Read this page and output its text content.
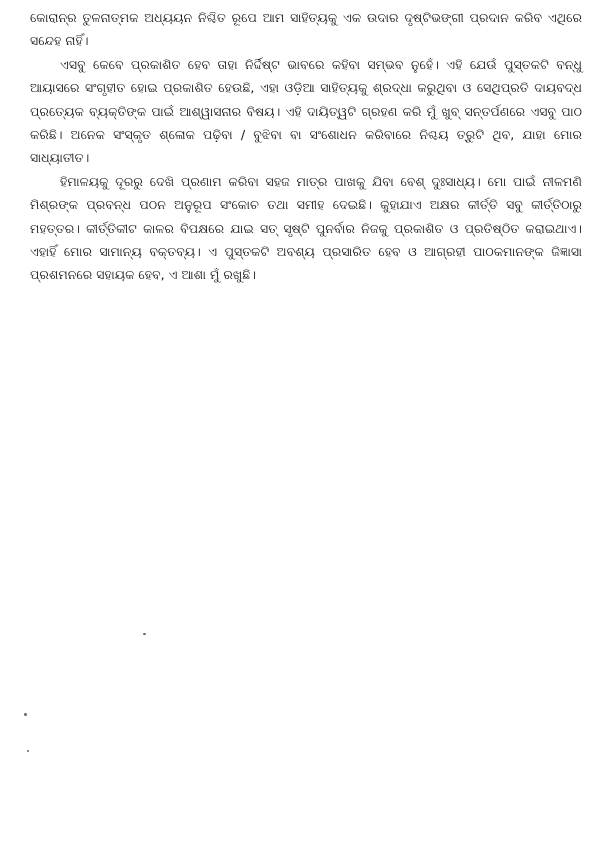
କୋରାନ୍‌ର ତୁଳନାତ୍ମକ ଅଧ୍ୟୟନ ନିଶ୍ଚିତ ରୂପେ ଆମ ସାହିତ୍ୟକୁ ଏକ ଉଦାର ଦୃଷ୍ଟିଭଙ୍ଗୀ ପ୍ରଦାନ କରିବ ଏଥିରେ ସନ୍ଦେହ ନାହିଁ।

ଏସବୁ କେବେ ପ୍ରକାଶିତ ହେବ ତାହା ନିର୍ଦ୍ଦିଷ୍ଟ ଭାବରେ କହିବା ସମ୍ଭବ ନୁହେଁ। ଏହି ଯେଉଁ ପୁସ୍ତକଟି ବନ୍ଧୁ ଆୟାସରେ ସଂଗୃହୀତ ହୋଇ ପ୍ରକାଶିତ ହେଉଛି, ଏହା ଓଡ଼ିଆ ସାହିତ୍ୟକୁ ଶ୍ରଦ୍ଧା କରୁଥିବା ଓ ସେଥିପ୍ରତି ଦାୟବଦ୍ଧ ପ୍ରତ୍ୟେକ ବ୍ୟକ୍ତିଙ୍କ ପାଇଁ ଆଶ୍ୱାସନାର ବିଷୟ। ଏହି ଦାୟିତ୍ୱଟି ଗ୍ରହଣ କରି ମୁଁ ଖୁବ୍ ସନ୍ତର୍ପଣରେ ଏସବୁ ପାଠ କରିଛି। ଅନେକ ସଂସ୍କୃତ ଶ୍ଳୋକ ପଢ଼ିବା / ବୁଝିବା ବା ସଂଶୋଧନ କରିବାରେ ନିଶ୍ଚୟ ତ୍ରୁଟି ଥିବ, ଯାହା ମୋର ସାଧ୍ୟାତୀତ।

ହିମାଳୟକୁ ଦୂରରୁ ଦେଖି ପ୍ରଣାମ କରିବା ସହଜ ମାତ୍ର ପାଖକୁ ଯିବା ବେଶ୍ ଦୁଃସାଧ୍ୟ। ମୋ ପାଇଁ ନୀଳମଣି ମିଶ୍ରଙ୍କ ପ୍ରବନ୍ଧ ପଠନ ଅନୁରୂପ ସଂକୋଚ ତଥା ସମୀହ ଦେଇଛି। କୁହାଯାଏ ଅକ୍ଷର କୀର୍ତ୍ତି ସବୁ କୀର୍ତ୍ତିଠାରୁ ମହତ୍ତର। କୀର୍ତ୍ତିକୀଟ କାଳର ବିପକ୍ଷରେ ଯାଇ ସତ୍ ସୃଷ୍ଟି ପୁନର୍ବାର ନିଜକୁ ପ୍ରକାଶିତ ଓ ପ୍ରତିଷ୍ଠିତ କରାଇଥାଏ। ଏହାହିଁ ମୋର ସାମାନ୍ୟ ବକ୍ତବ୍ୟ। ଏ ପୁସ୍ତକଟି ଅବଶ୍ୟ ପ୍ରସାରିତ ହେବ ଓ ଆଗ୍ରହୀ ପାଠକମାନଙ୍କ ଜିଜ୍ଞାସା ପ୍ରଶମନରେ ସହାୟକ ହେବ, ଏ ଆଶା ମୁଁ ରଖୁଛି।
